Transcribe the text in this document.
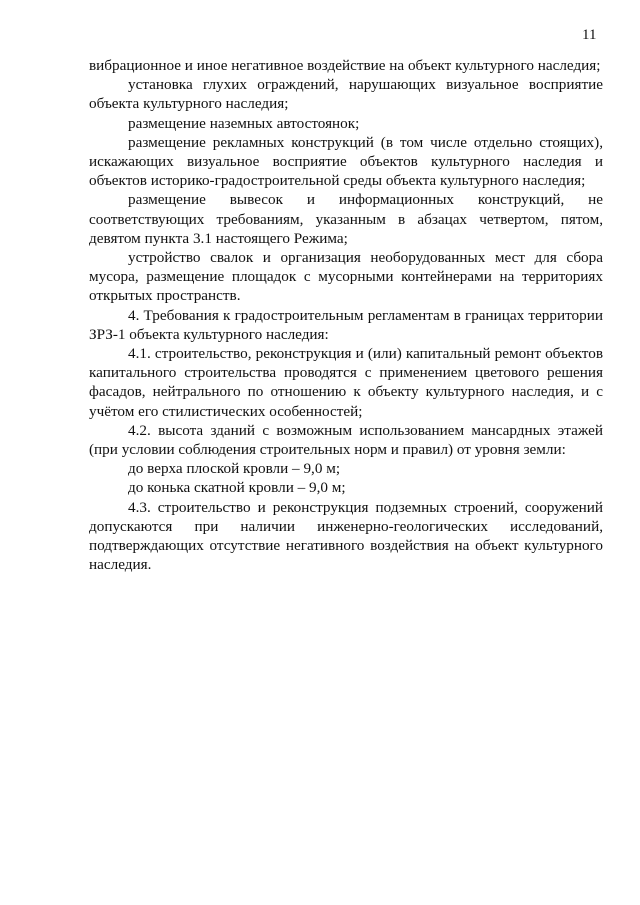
11

вибрационное и иное негативное воздействие на объект культурного наследия;

установка глухих ограждений, нарушающих визуальное восприятие объекта культурного наследия;

размещение наземных автостоянок;

размещение рекламных конструкций (в том числе отдельно стоящих), искажающих визуальное восприятие объектов культурного наследия и объектов историко-градостроительной среды объекта культурного наследия;

размещение вывесок и информационных конструкций, не соответствующих требованиям, указанным в абзацах четвертом, пятом, девятом пункта 3.1 настоящего Режима;

устройство свалок и организация необорудованных мест для сбора мусора, размещение площадок с мусорными контейнерами на территориях открытых пространств.

4. Требования к градостроительным регламентам в границах территории ЗРЗ-1 объекта культурного наследия:

4.1. строительство, реконструкция и (или) капитальный ремонт объектов капитального строительства проводятся с применением цветового решения фасадов, нейтрального по отношению к объекту культурного наследия, и с учётом его стилистических особенностей;

4.2. высота зданий с возможным использованием мансардных этажей (при условии соблюдения строительных норм и правил) от уровня земли:

до верха плоской кровли – 9,0 м;

до конька скатной кровли – 9,0 м;

4.3. строительство и реконструкция подземных строений, сооружений допускаются при наличии инженерно-геологических исследований, подтверждающих отсутствие негативного воздействия на объект культурного наследия.
